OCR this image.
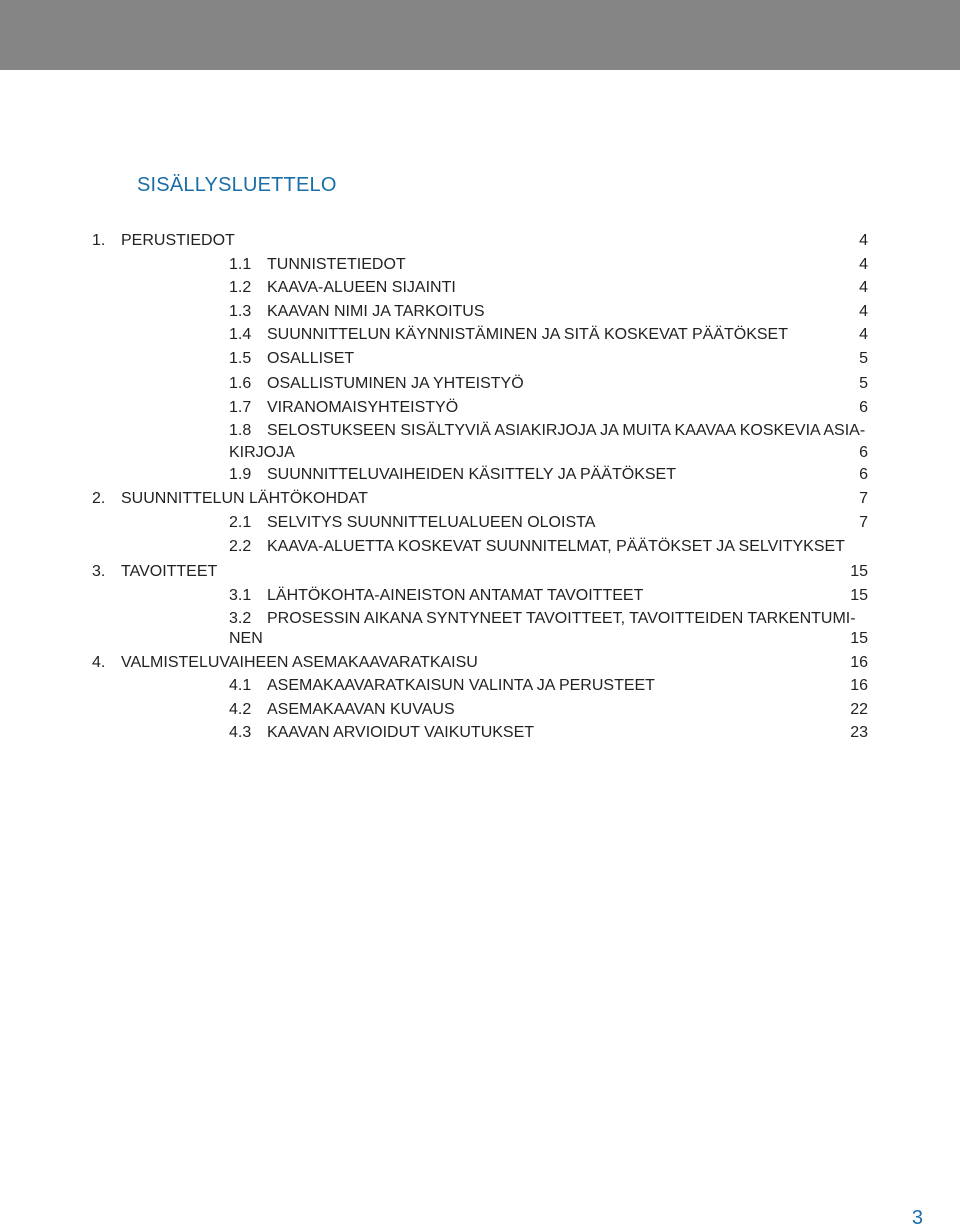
SISÄLLYSLUETTELO
1. PERUSTIEDOT	4
1.1 TUNNISTETIEDOT	4
1.2 KAAVA-ALUEEN SIJAINTI	4
1.3 KAAVAN NIMI JA TARKOITUS	4
1.4 SUUNNITTELUN KÄYNNISTÄMINEN JA SITÄ KOSKEVAT PÄÄTÖKSET	4
1.5 OSALLISET	5
1.6 OSALLISTUMINEN JA YHTEISTYÖ	5
1.7 VIRANOMAISYHTEISTYÖ	6
1.8 SELOSTUKSEEN SISÄLTYVIÄ ASIAKIRJOJA JA MUITA KAAVAA KOSKEVIA ASIA-
KIRJOJA	6
1.9 SUUNNITTELUVAIHEIDEN KÄSITTELY JA PÄÄTÖKSET	6
2. SUUNNITTELUN LÄHTÖKOHDAT	7
2.1 SELVITYS SUUNNITTELUALUEEN OLOISTA	7
2.2 KAAVA-ALUETTA KOSKEVAT SUUNNITELMAT, PÄÄTÖKSET JA SELVITYKSET
3. TAVOITTEET	15
3.1 LÄHTÖKOHTA-AINEISTON ANTAMAT TAVOITTEET	15
3.2 PROSESSIN AIKANA SYNTYNEET TAVOITTEET, TAVOITTEIDEN TARKENTUMI-
NEN	15
4. VALMISTELUVAIHEEN ASEMAKAAVARATKAISU	16
4.1 ASEMAKAAVARATKAISUN VALINTA JA PERUSTEET	16
4.2 ASEMAKAAVAN KUVAUS	22
4.3 KAAVAN ARVIOIDUT VAIKUTUKSET	23
3
